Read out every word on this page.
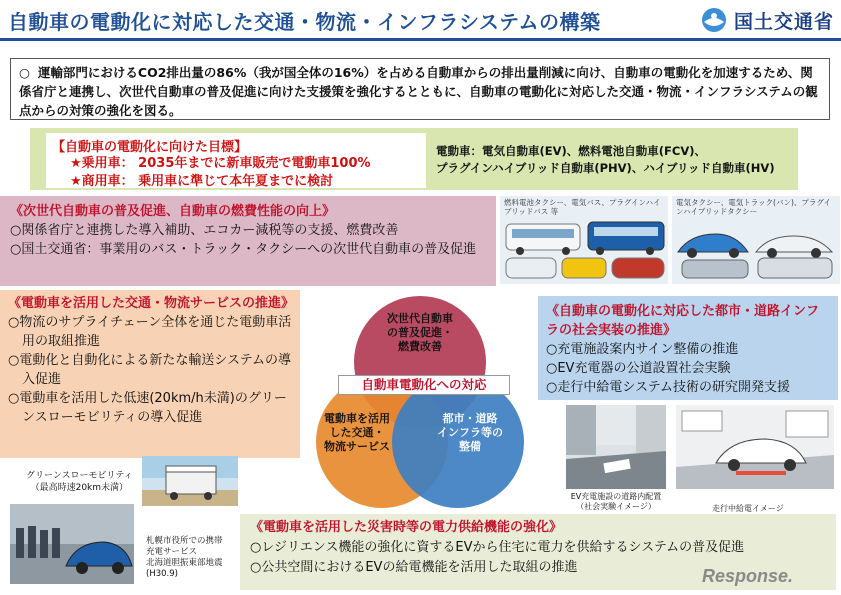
自動車の電動化に対応した交通・物流・インフラシステムの構築	国土交通省
○ 運輸部門におけるCO2排出量の86%（我が国全体の16%）を占める自動車からの排出量削減に向け、自動車の電動化を加速するため、関係省庁と連携し、次世代自動車の普及促進に向けた支援策を強化するとともに、自動車の電動化に対応した交通・物流・インフラシステムの観点からの対策の強化を図る。
【自動車の電動化に向けた目標】
★乗用車： 2035年までに新車販売で電動車100%
★商用車： 乗用車に準じて本年夏までに検討
電動車：電気自動車(EV)、燃料電池自動車(FCV)、
プラグインハイブリッド自動車(PHV)、ハイブリッド自動車(HV)
《次世代自動車の普及促進、自動車の燃費性能の向上》
○関係省庁と連携した導入補助、エコカー減税等の支援、燃費改善
○国土交通省：事業用のバス・トラック・タクシーへの次世代自動車の普及促進
燃料電池タクシー、電気バス、プラグインハイブリッドバス 等
電気タクシー、電気トラック(バン)、プラグインハイブリッドタクシー
《電動車を活用した交通・物流サービスの推進》
○物流のサプライチェーン全体を通じた電動車活用の取組推進
○電動化と自動化による新たな輸送システムの導入促進
○電動車を活用した低速(20km/h未満)のグリーンスローモビリティの導入促進
次世代自動車
の普及促進・
燃費改善
自動車電動化への対応
電動車を活用
した交通・
物流サービス
都市・道路
インフラ等の
整備
《自動車の電動化に対応した都市・道路インフラの社会実装の推進》
○充電施設案内サイン整備の推進
○EV充電器の公道設置社会実験
○走行中給電システム技術の研究開発支援
グリーンスローモビリティ
（最高時速20km未満）
札幌市役所での携帯
充電サービス
北海道胆振東部地震
(H30.9)
EV充電施設の道路内配置
（社会実験イメージ）	走行中給電イメージ
《電動車を活用した災害時等の電力供給機能の強化》
○レジリエンス機能の強化に資するEVから住宅に電力を供給するシステムの普及促進
○公共空間におけるEVの給電機能を活用した取組の推進	Response.
